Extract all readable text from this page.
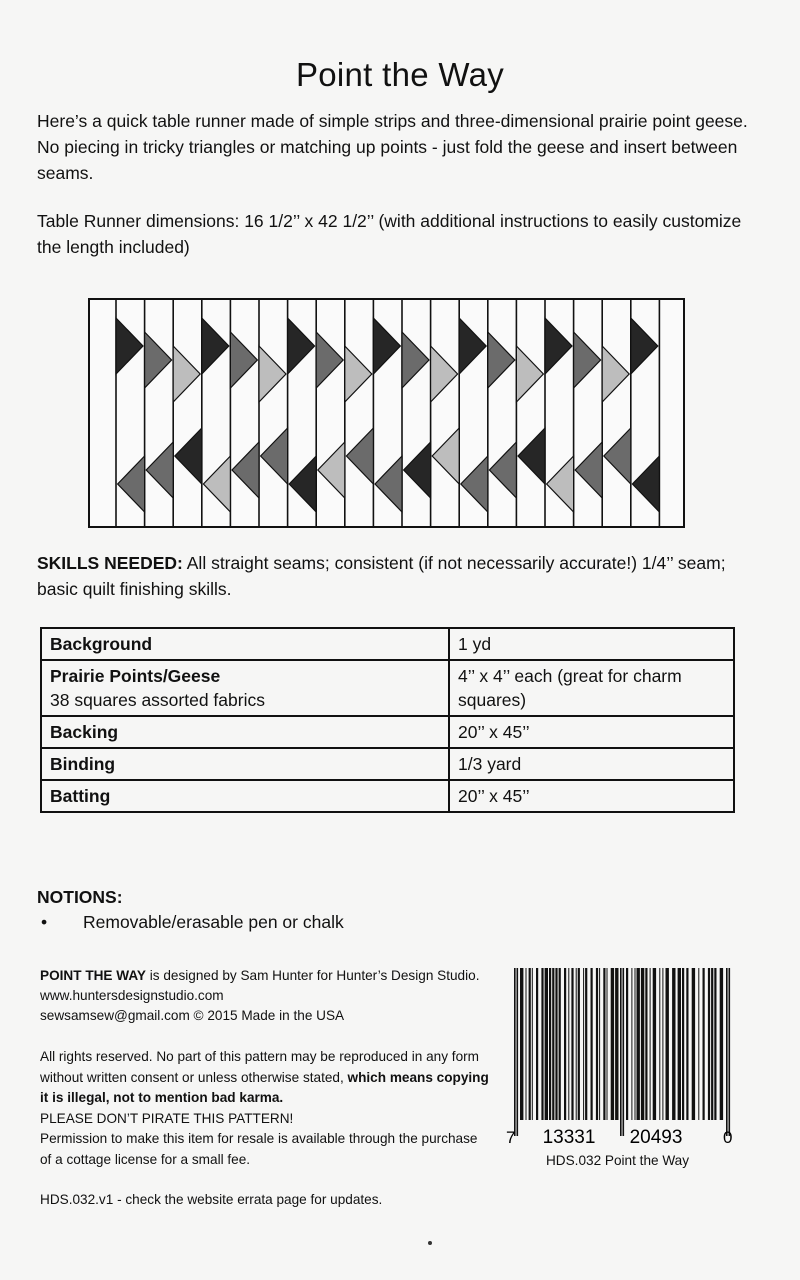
Point the Way
Here’s a quick table runner made of simple strips and three-dimensional prairie point geese. No piecing in tricky triangles or matching up points - just fold the geese and insert between seams.
Table Runner dimensions: 16 1/2’’ x 42 1/2’’ (with additional instructions to easily customize the length included)
SKILLS NEEDED: All straight seams; consistent (if not necessarily accurate!) 1/4’’ seam; basic quilt finishing skills.
Background	1 yd
Prairie Points/Geese
38 squares assorted fabrics	4’’ x 4’’ each (great for charm squares)
Backing	20’’ x 45’’
Binding	1/3 yard
Batting	20’’ x 45’’
NOTIONS:
• Removable/erasable pen or chalk
POINT THE WAY is designed by Sam Hunter for Hunter’s Design Studio. www.huntersdesignstudio.com
sewsamsew@gmail.com © 2015 Made in the USA
All rights reserved. No part of this pattern may be reproduced in any form without written consent or unless otherwise stated, which means copying it is illegal, not to mention bad karma.
PLEASE DON’T PIRATE THIS PATTERN!
Permission to make this item for resale is available through the purchase of a cottage license for a small fee.
HDS.032.v1 - check the website errata page for updates.
7 13331 20493 0
HDS.032 Point the Way
